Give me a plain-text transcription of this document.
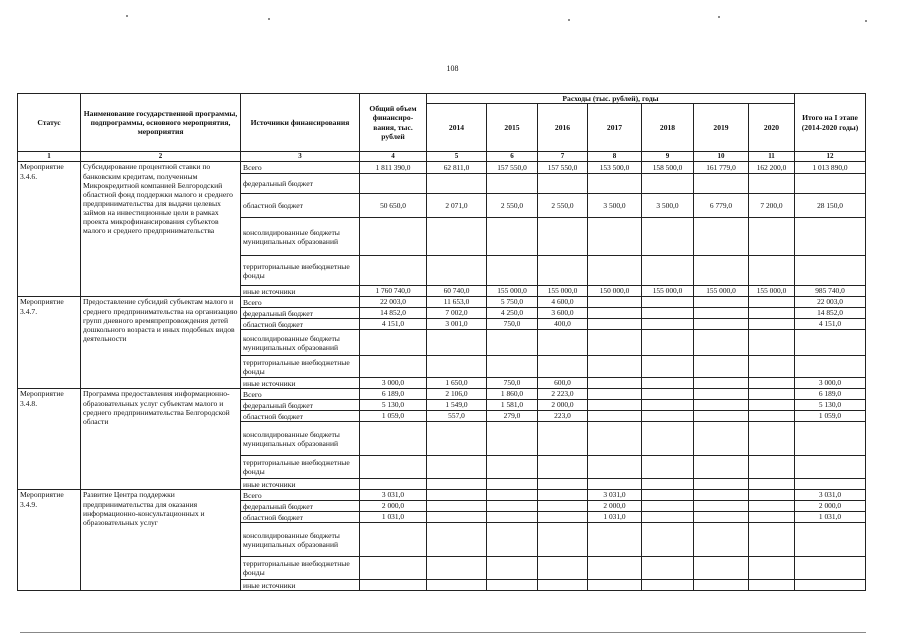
108
Статус	Наименование государственной программы, подпрограммы, основного мероприятия, мероприятия	Источники финансирования	Общий объем финансиро-вания, тыс. рублей	Расходы (тыс. рублей), годы							Итого на I этапе (2014-2020 годы)
				2014	2015	2016	2017	2018	2019	2020	
1	2	3	4	5	6	7	8	9	10	11	12
Мероприятие 3.4.6.	Субсидирование процентной ставки по банковским кредитам, полученным Микрокредитной компанией Белгородский областной фонд поддержки малого и среднего предпринимательства для выдачи целевых займов на инвестиционные цели в рамках проекта микрофинансирования субъектов малого и среднего предпринимательства	Всего	1 811 390,0	62 811,0	157 550,0	157 550,0	153 500,0	158 500,0	161 779,0	162 200,0	1 013 890,0
		федеральный бюджет									
		областной бюджет	50 650,0	2 071,0	2 550,0	2 550,0	3 500,0	3 500,0	6 779,0	7 200,0	28 150,0
		консолидированные бюджеты муниципальных образований									
		территориальные внебюджетные фонды									
		иные источники	1 760 740,0	60 740,0	155 000,0	155 000,0	150 000,0	155 000,0	155 000,0	155 000,0	985 740,0
Мероприятие 3.4.7.	Предоставление субсидий субъектам малого и среднего предпринимательства на организацию групп дневного времяпрепровождения детей дошкольного возраста и иных подобных видов деятельности	Всего	22 003,0	11 653,0	5 750,0	4 600,0					22 003,0
		федеральный бюджет	14 852,0	7 002,0	4 250,0	3 600,0					14 852,0
		областной бюджет	4 151,0	3 001,0	750,0	400,0					4 151,0
		консолидированные бюджеты муниципальных образований									
		территориальные внебюджетные фонды									
		иные источники	3 000,0	1 650,0	750,0	600,0					3 000,0
Мероприятие 3.4.8.	Программа предоставления информационно-образовательных услуг субъектам малого и среднего предпринимательства Белгородской области	Всего	6 189,0	2 106,0	1 860,0	2 223,0					6 189,0
		федеральный бюджет	5 130,0	1 549,0	1 581,0	2 000,0					5 130,0
		областной бюджет	1 059,0	557,0	279,0	223,0					1 059,0
		консолидированные бюджеты муниципальных образований									
		территориальные внебюджетные фонды									
		иные источники									
Мероприятие 3.4.9.	Развитие Центра поддержки предпринимательства для оказания информационно-консультационных и образовательных услуг	Всего	3 031,0				3 031,0				3 031,0
		федеральный бюджет	2 000,0				2 000,0				2 000,0
		областной бюджет	1 031,0				1 031,0				1 031,0
		консолидированные бюджеты муниципальных образований									
		территориальные внебюджетные фонды									
		иные источники									
